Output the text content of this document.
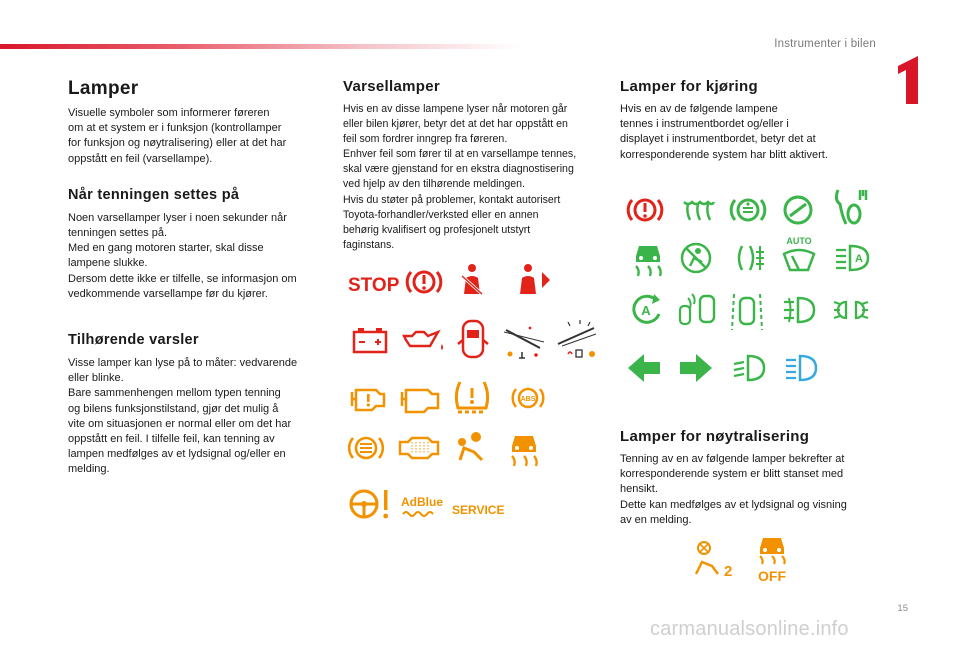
Instrumenter i bilen
Lamper

Visuelle symboler som informerer føreren
om at et system er i funksjon (kontrollamper
for funksjon og nøytralisering) eller at det har
oppstått en feil (varsellampe).

Når tenningen settes på

Noen varsellamper lyser i noen sekunder når
tenningen settes på.
Med en gang motoren starter, skal disse
lampene slukke.
Dersom dette ikke er tilfelle, se informasjon om
vedkommende varsellampe før du kjører.

Tilhørende varsler

Visse lamper kan lyse på to måter: vedvarende
eller blinke.
Bare sammenhengen mellom typen tenning
og bilens funksjonstilstand, gjør det mulig å
vite om situasjonen er normal eller om det har
oppstått en feil. I tilfelle feil, kan tenning av
lampen medfølges av et lydsignal og/eller en
melding.

Varsellamper

Hvis en av disse lampene lyser når motoren går
eller bilen kjører, betyr det at det har oppstått en
feil som fordrer inngrep fra føreren.
Enhver feil som fører til at en varsellampe tennes,
skal være gjenstand for en ekstra diagnostisering
ved hjelp av den tilhørende meldingen.
Hvis du støter på problemer, kontakt autorisert
Toyota-forhandler/verksted eller en annen
behørig kvalifisert og profesjonelt utstyrt
faginstans.

STOP
ABS
AdBlue
SERVICE
Lamper for kjøring

Hvis en av de følgende lampene
tennes i instrumentbordet og/eller i
displayet i instrumentbordet, betyr det at
korresponderende system har blitt aktivert.

AUTO
A
A
Lamper for nøytralisering

Tenning av en av følgende lamper bekrefter at
korresponderende system er blitt stanset med
hensikt.
Dette kan medfølges av et lydsignal og visning
av en melding.

2 OFF
15
carmanualsonline.info
